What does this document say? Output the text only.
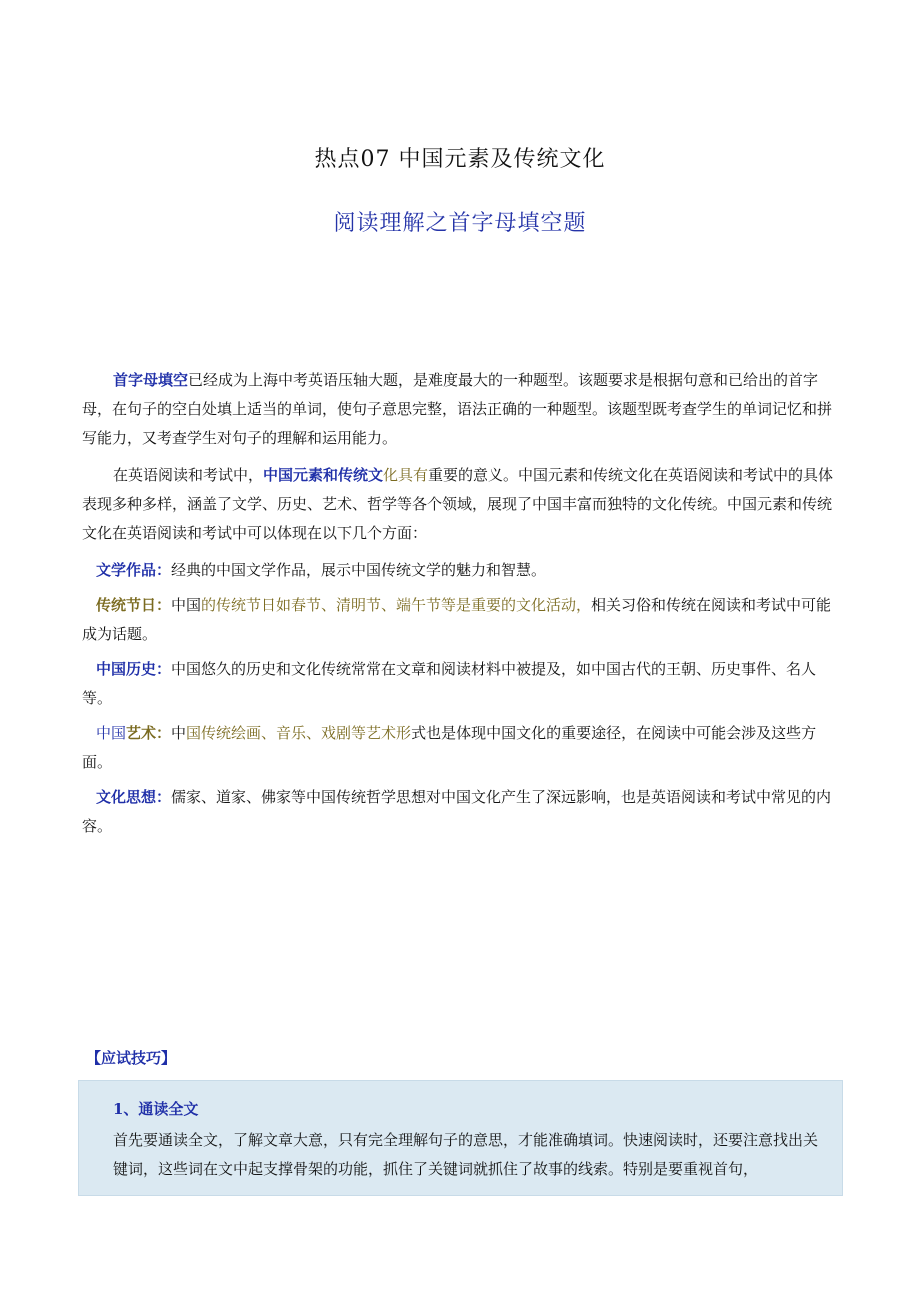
热点07 中国元素及传统文化
阅读理解之首字母填空题

首字母填空已经成为上海中考英语压轴大题，是难度最大的一种题型。该题要求是根据句意和已给出的首字母，在句子的空白处填上适当的单词，使句子意思完整，语法正确的一种题型。该题型既考查学生的单词记忆和拼写能力，又考查学生对句子的理解和运用能力。

在英语阅读和考试中，中国元素和传统文化具有重要的意义。中国元素和传统文化在英语阅读和考试中的具体表现多种多样，涵盖了文学、历史、艺术、哲学等各个领域，展现了中国丰富而独特的文化传统。中国元素和传统文化在英语阅读和考试中可以体现在以下几个方面：

文学作品：经典的中国文学作品，展示中国传统文学的魅力和智慧。
传统节日：中国的传统节日如春节、清明节、端午节等是重要的文化活动，相关习俗和传统在阅读和考试中可能成为话题。
中国历史：中国悠久的历史和文化传统常常在文章和阅读材料中被提及，如中国古代的王朝、历史事件、名人等。
中国艺术：中国传统绘画、音乐、戏剧等艺术形式也是体现中国文化的重要途径，在阅读中可能会涉及这些方面。
文化思想：儒家、道家、佛家等中国传统哲学思想对中国文化产生了深远影响，也是英语阅读和考试中常见的内容。
【应试技巧】
1、通读全文

首先要通读全文，了解文章大意，只有完全理解句子的意思，才能准确填词。快速阅读时，还要注意找出关键词，这些词在文中起支撑骨架的功能，抓住了关键词就抓住了故事的线索。特别是要重视首句，
